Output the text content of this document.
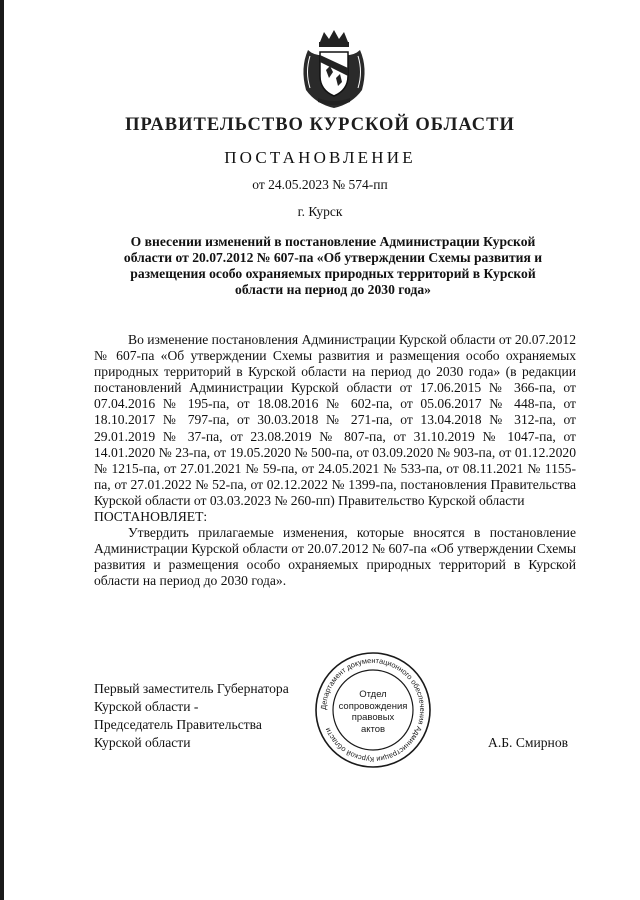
ПРАВИТЕЛЬСТВО КУРСКОЙ ОБЛАСТИ
ПОСТАНОВЛЕНИЕ
от 24.05.2023 № 574-пп
г. Курск
О внесении изменений в постановление Администрации Курской области от 20.07.2012 № 607-па «Об утверждении Схемы развития и размещения особо охраняемых природных территорий в Курской области на период до 2030 года»

Во изменение постановления Администрации Курской области от 20.07.2012 № 607-па «Об утверждении Схемы развития и размещения особо охраняемых природных территорий в Курской области на период до 2030 года» (в редакции постановлений Администрации Курской области от 17.06.2015 № 366-па, от 07.04.2016 № 195-па, от 18.08.2016 № 602-па, от 05.06.2017 № 448-па, от 18.10.2017 № 797-па, от 30.03.2018 № 271-па, от 13.04.2018 № 312-па, от 29.01.2019 № 37-па, от 23.08.2019 № 807-па, от 31.10.2019 № 1047-па, от 14.01.2020 № 23-па, от 19.05.2020 № 500-па, от 03.09.2020 № 903-па, от 01.12.2020 № 1215-па, от 27.01.2021 № 59-па, от 24.05.2021 № 533-па, от 08.11.2021 № 1155-па, от 27.01.2022 № 52-па, от 02.12.2022 № 1399-па, постановления Правительства Курской области от 03.03.2023 № 260-пп) Правительство Курской области

ПОСТАНОВЛЯЕТ:

Утвердить прилагаемые изменения, которые вносятся в постановление Администрации Курской области от 20.07.2012 № 607-па «Об утверждении Схемы развития и размещения особо охраняемых природных территорий в Курской области на период до 2030 года».

Первый заместитель Губернатора
Курской области -
Председатель Правительства
Курской области
Департамент документационного обеспечения Администрации Курской области
Отдел
сопровождения
правовых
актов
А.Б. Смирнов
